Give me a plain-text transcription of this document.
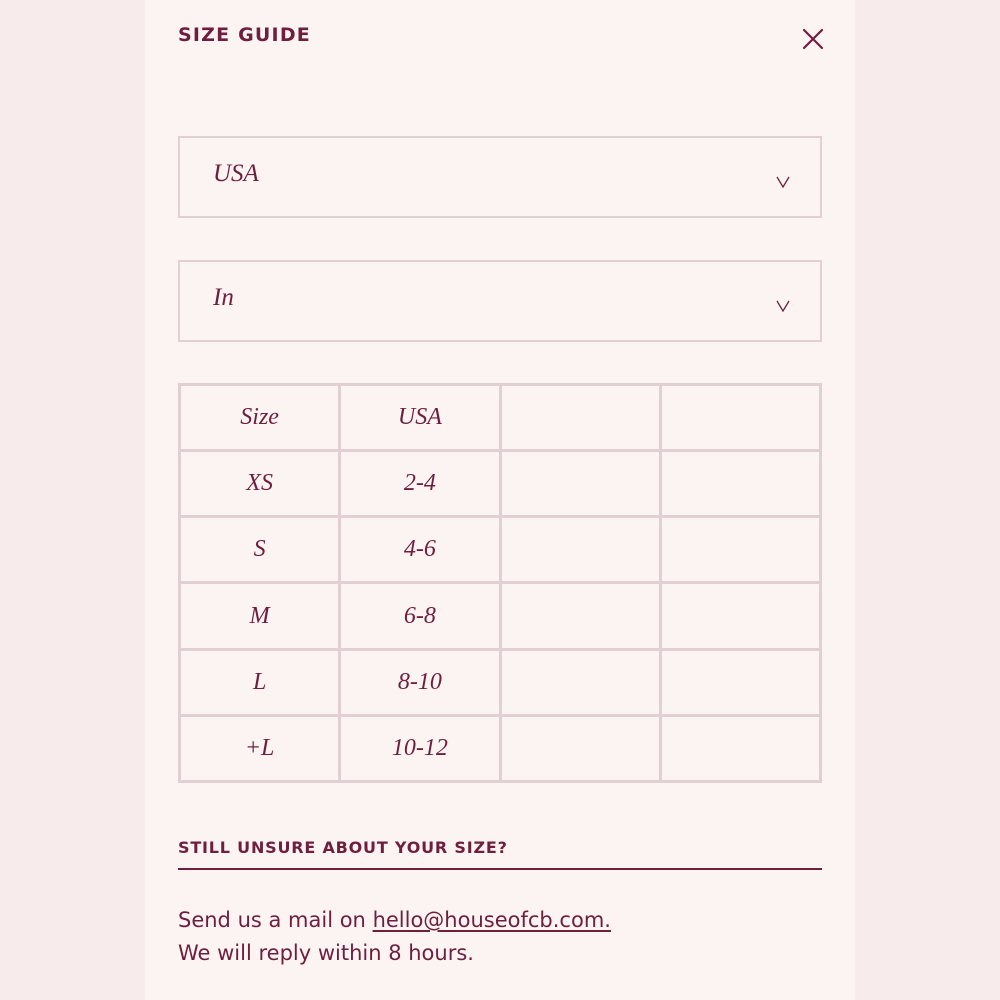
SIZE GUIDE
USA
In
Size	USA		
XS	2-4		
S	4-6		
M	6-8		
L	8-10		
+L	10-12		
STILL UNSURE ABOUT YOUR SIZE?
Send us a mail on hello@houseofcb.com.
We will reply within 8 hours.
